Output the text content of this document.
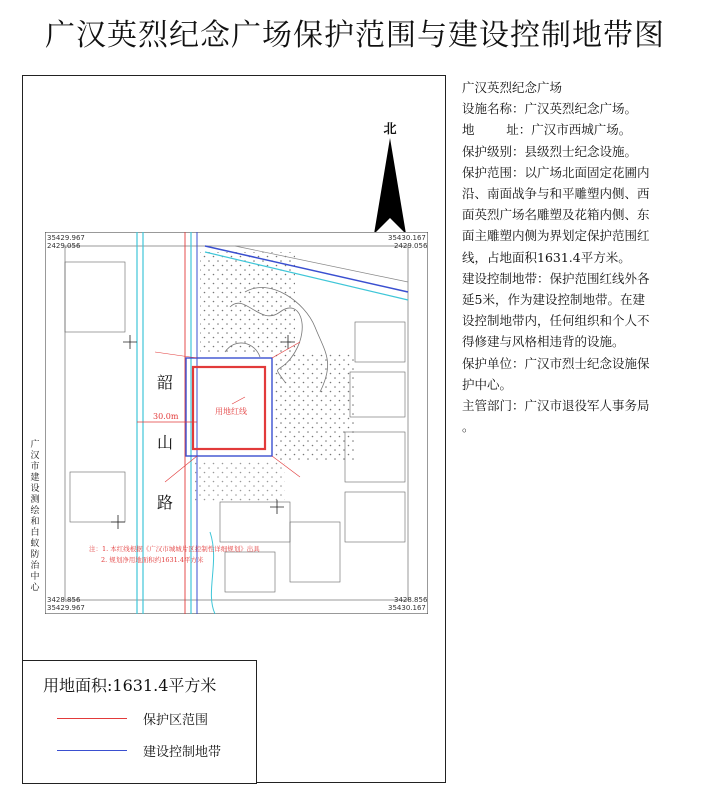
广汉英烈纪念广场保护范围与建设控制地带图
北
35429.967
2429.056
35430.167
2429.056
3428.856
35429.967
3428.856
35430.167
韶
山
路
30.0m
用地红线
注：1. 本红线根据《广汉市城城片区控制性详细规划》出具
2. 规划净用地面积约1631.4平方米
广汉市建设测绘和白蚁防治中心
用地面积:1631.4平方米
保护区范围
建设控制地带
广汉英烈纪念广场
设施名称：广汉英烈纪念广场。
地        址：广汉市西城广场。
保护级别：县级烈士纪念设施。
保护范围：以广场北面固定花圃内
沿、南面战争与和平雕塑内侧、西
面英烈广场名雕塑及花箱内侧、东
面主雕塑内侧为界划定保护范围红
线，占地面积1631.4平方米。
建设控制地带：保护范围红线外各
延5米，作为建设控制地带。在建
设控制地带内，任何组织和个人不
得修建与风格相违背的设施。
保护单位：广汉市烈士纪念设施保
护中心。
主管部门：广汉市退役军人事务局
。
